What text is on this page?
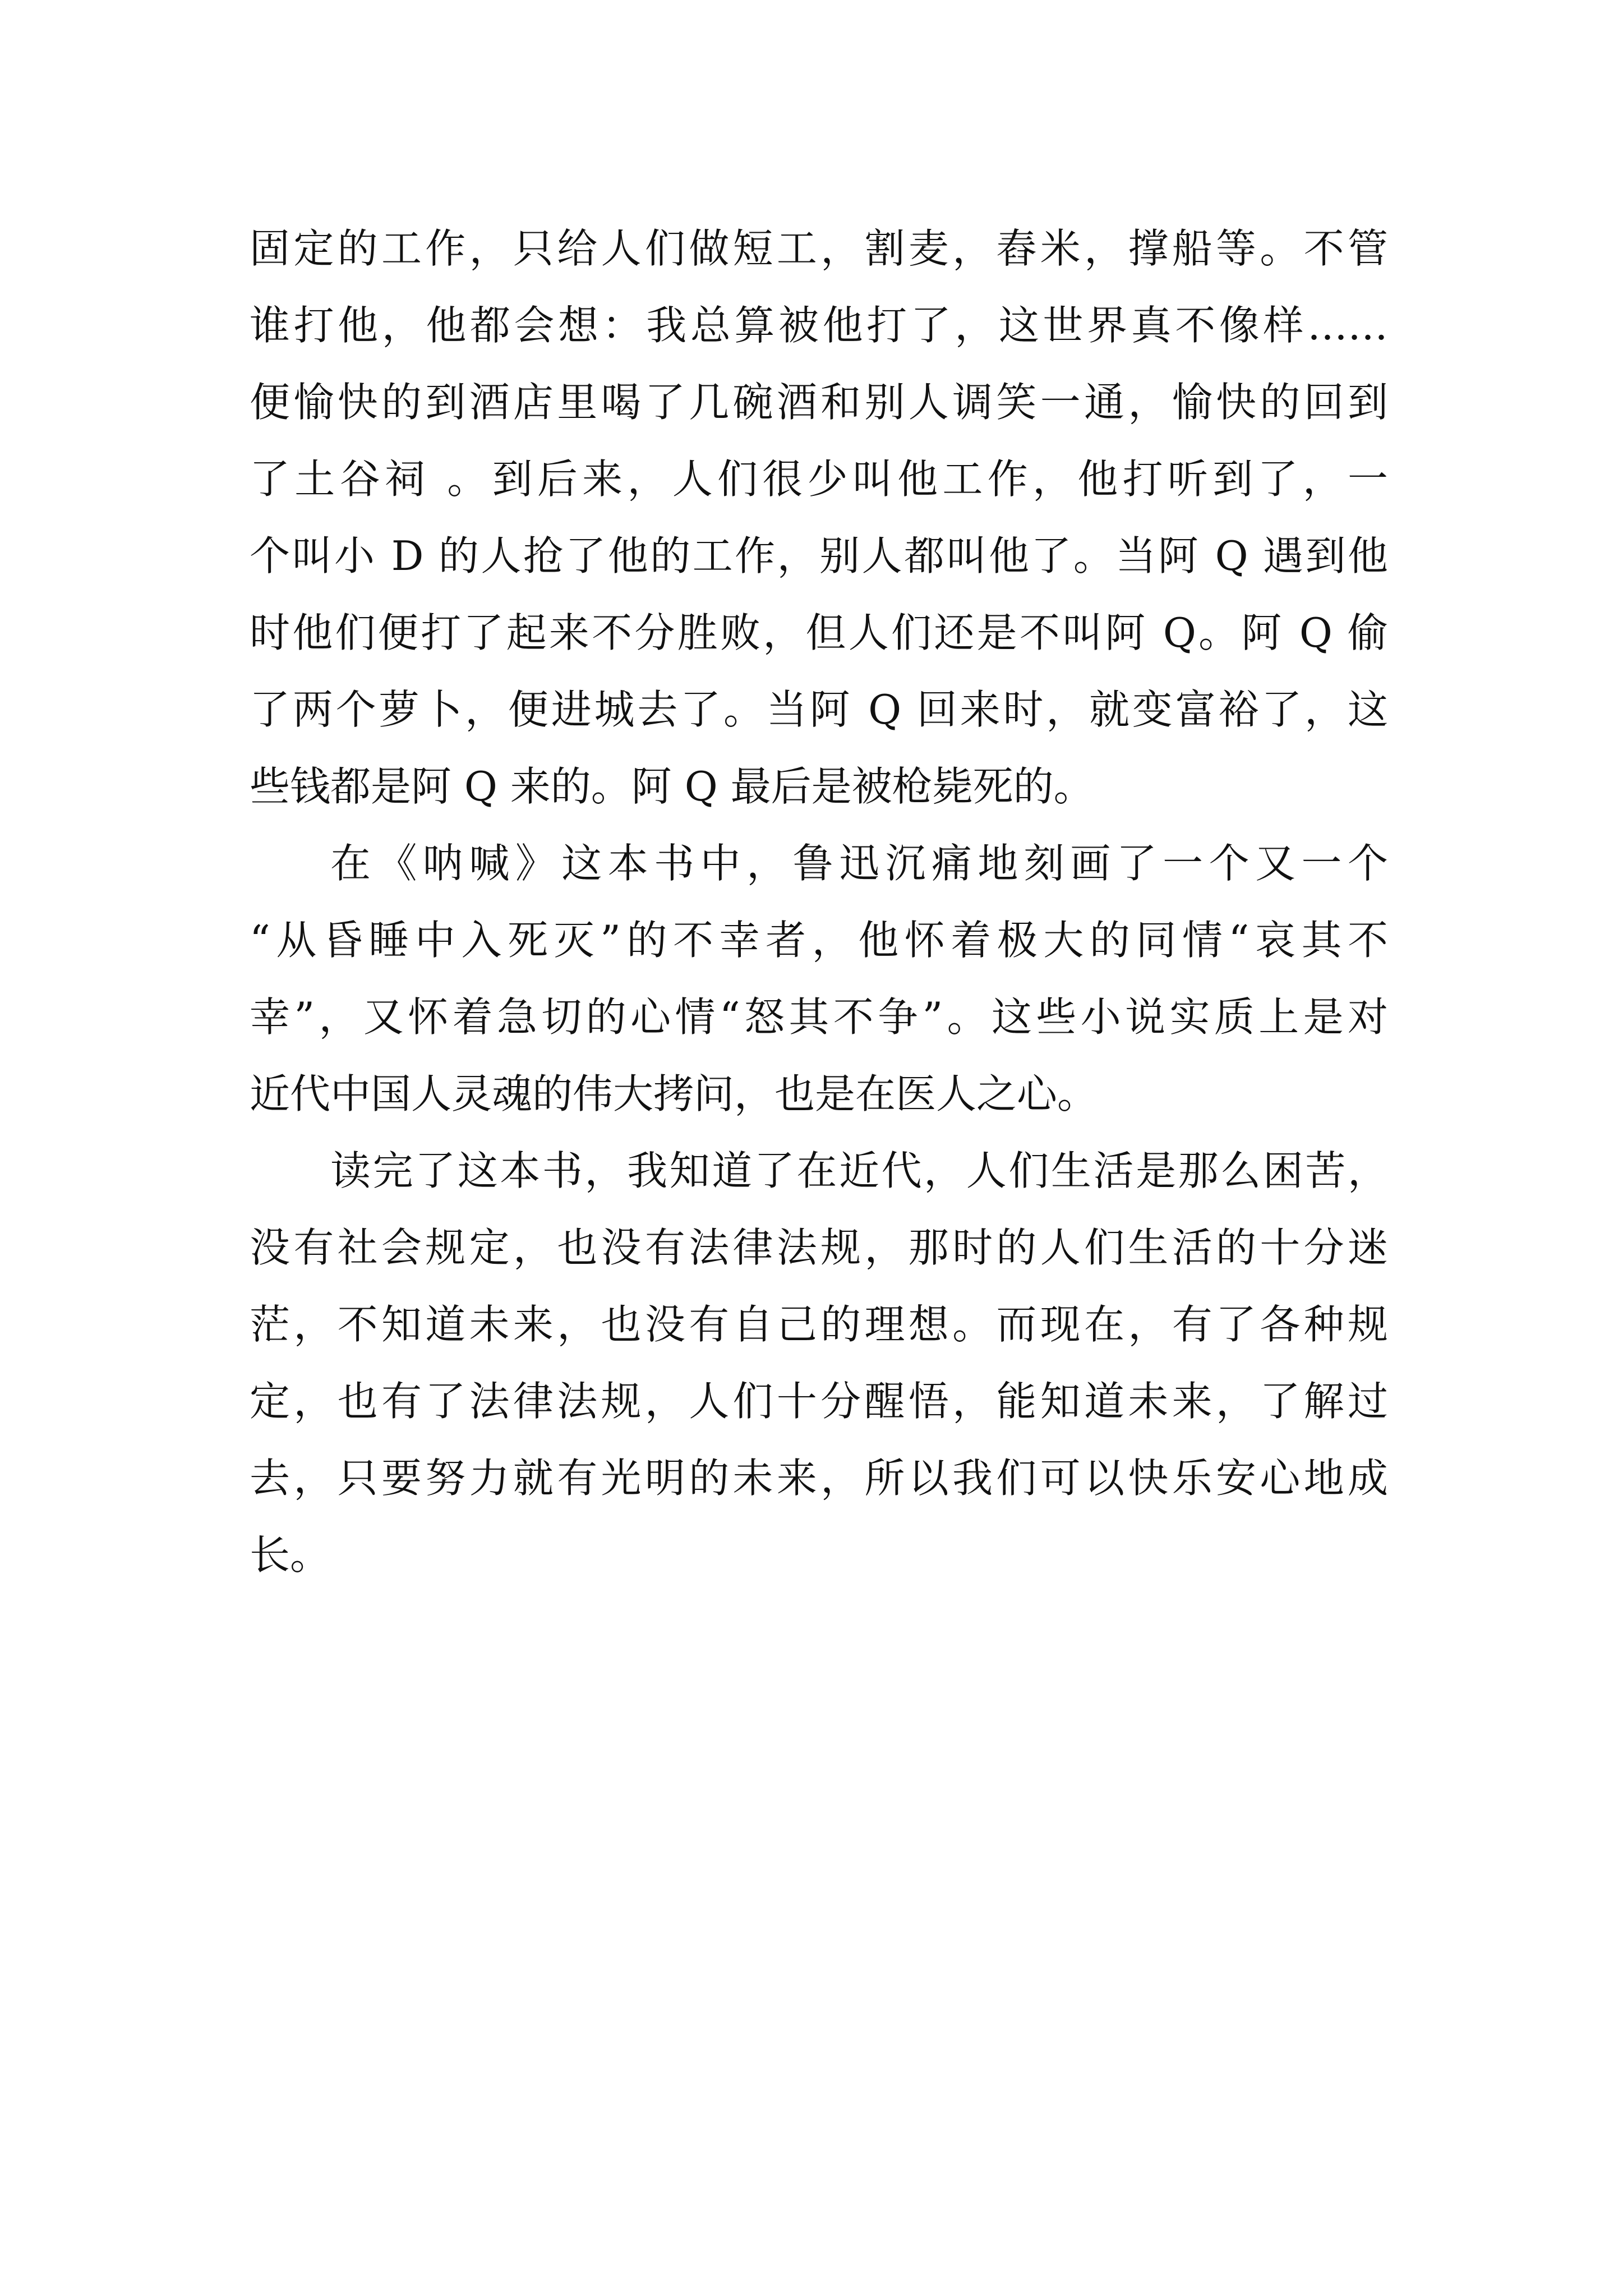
固定的工作，只给人们做短工，割麦，舂米，撑船等。不管
谁打他，他都会想：我总算被他打了，这世界真不像样……
便愉快的到酒店里喝了几碗酒和别人调笑一通，愉快的回到
了土谷祠 。到后来，人们很少叫他工作，他打听到了，一
个叫小 D 的人抢了他的工作，别人都叫他了。当阿 Q 遇到他
时他们便打了起来不分胜败，但人们还是不叫阿 Q。阿 Q 偷
了两个萝卜，便进城去了。当阿 Q 回来时，就变富裕了，这
些钱都是阿 Q 来的。阿 Q 最后是被枪毙死的。
在《呐喊》这本书中，鲁迅沉痛地刻画了一个又一个
“从昏睡中入死灭”的不幸者，他怀着极大的同情“哀其不
幸”，又怀着急切的心情“怒其不争”。这些小说实质上是对
近代中国人灵魂的伟大拷问，也是在医人之心。
读完了这本书，我知道了在近代，人们生活是那么困苦，
没有社会规定，也没有法律法规，那时的人们生活的十分迷
茫，不知道未来，也没有自己的理想。而现在，有了各种规
定，也有了法律法规，人们十分醒悟，能知道未来，了解过
去，只要努力就有光明的未来，所以我们可以快乐安心地成
长。
